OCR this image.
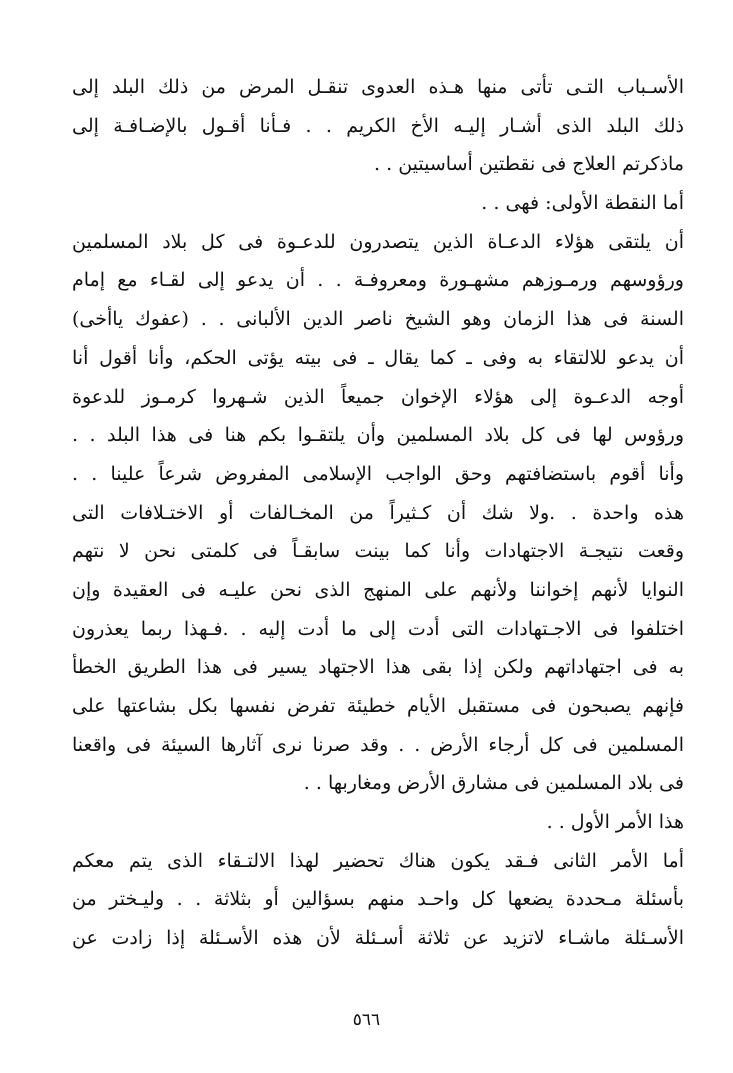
الأسـباب التـى تأتى منها هـذه العدوى تنقـل المرض من ذلك البلد إلى
ذلك البلد الذى أشـار إليـه الأخ الكريم . . فـأنا أقـول بالإضـافـة إلى
ماذكرتم العلاج فى نقطتين أساسيتين . .
أما النقطة الأولى: فهى . .
أن يلتقى هؤلاء الدعـاة الذين يتصدرون للدعـوة فى كل بلاد المسلمين
ورؤوسهم ورمـوزهم مشهـورة ومعروفـة . . أن يدعو إلى لقـاء مع إمام
السنة فى هذا الزمان وهو الشيخ ناصر الدين الألبانى . . (عفوك ياأخى)
أن يدعو للالتقاء به وفى ـ كما يقال ـ فى بيته يؤتى الحكم، وأنا أقول أنا
أوجه الدعـوة إلى هؤلاء الإخوان جميعاً الذين شـهروا كرمـوز للدعوة
ورؤوس لها فى كل بلاد المسلمين وأن يلتقـوا بكم هنا فى هذا البلد . .
وأنا أقوم باستضافتهم وحق الواجب الإسلامى المفروض شرعاً علينا . .
هذه واحدة . .ولا شك أن كـثيراً من المخـالفات أو الاختـلافات التى
وقعت نتيجـة الاجتهادات وأنا كما بينت سابقـاً فى كلمتى نحن لا نتهم
النوايا لأنهم إخواننا ولأنهم على المنهج الذى نحن عليـه فى العقيدة وإن
اختلفوا فى الاجـتهادات التى أدت إلى ما أدت إليه . .فـهذا ربما يعذرون
به فى اجتهاداتهم ولكن إذا بقى هذا الاجتهاد يسير فى هذا الطريق الخطأ
فإنهم يصبحون فى مستقبل الأيام خطيئة تفرض نفسها بكل بشاعتها على
المسلمين فى كل أرجاء الأرض . . وقد صرنا نرى آثارها السيئة فى واقعنا
فى بلاد المسلمين فى مشارق الأرض ومغاربها . .
هذا الأمر الأول . .
أما الأمر الثانى فـقد يكون هناك تحضير لهذا الالتـقاء الذى يتم معكم
بأسئلة مـحددة يضعها كل واحـد منهم بسؤالين أو بثلاثة . . وليـختر من
الأسـئلة ماشـاء لاتزيد عن ثلاثة أسـئلة لأن هذه الأسـئلة إذا زادت عن
٥٦٦
